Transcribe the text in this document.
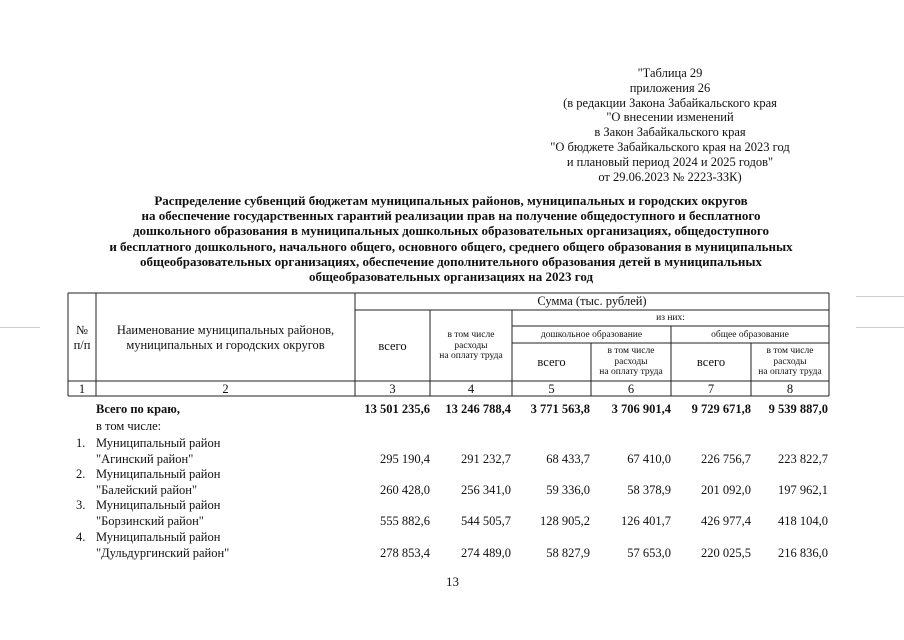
"Таблица 29
приложения 26
(в редакции Закона Забайкальского края
"О внесении изменений
в Закон Забайкальского края
"О бюджете Забайкальского края на 2023 год
и плановый период 2024 и 2025 годов"
от 29.06.2023 № 2223-ЗЗК)
Распределение субвенций бюджетам муниципальных районов, муниципальных и городских округов
на обеспечение государственных гарантий реализации прав на получение общедоступного и бесплатного
дошкольного образования в муниципальных дошкольных образовательных организациях, общедоступного
и бесплатного дошкольного, начального общего, основного общего, среднего общего образования в муниципальных
общеобразовательных организациях, обеспечение дополнительного образования детей в муниципальных
общеобразовательных организациях на 2023 год
№
п/п
Наименование муниципальных районов,
муниципальных и городских округов
Сумма (тыс. рублей)
всего
в том числе
расходы
на оплату труда
из них:
дошкольное образование	общее образование
всего
в том числе
расходы
на оплату труда
всего
в том числе
расходы
на оплату труда
1	2	3	4	5	6	7	8
Всего по краю,	13 501 235,6	13 246 788,4	3 771 563,8	3 706 901,4	9 729 671,8	9 539 887,0
в том числе:
1. Муниципальный район
"Агинский район"	295 190,4	291 232,7	68 433,7	67 410,0	226 756,7	223 822,7
2. Муниципальный район
"Балейский район"	260 428,0	256 341,0	59 336,0	58 378,9	201 092,0	197 962,1
3. Муниципальный район
"Борзинский район"	555 882,6	544 505,7	128 905,2	126 401,7	426 977,4	418 104,0
4. Муниципальный район
"Дульдургинский район"	278 853,4	274 489,0	58 827,9	57 653,0	220 025,5	216 836,0
13
